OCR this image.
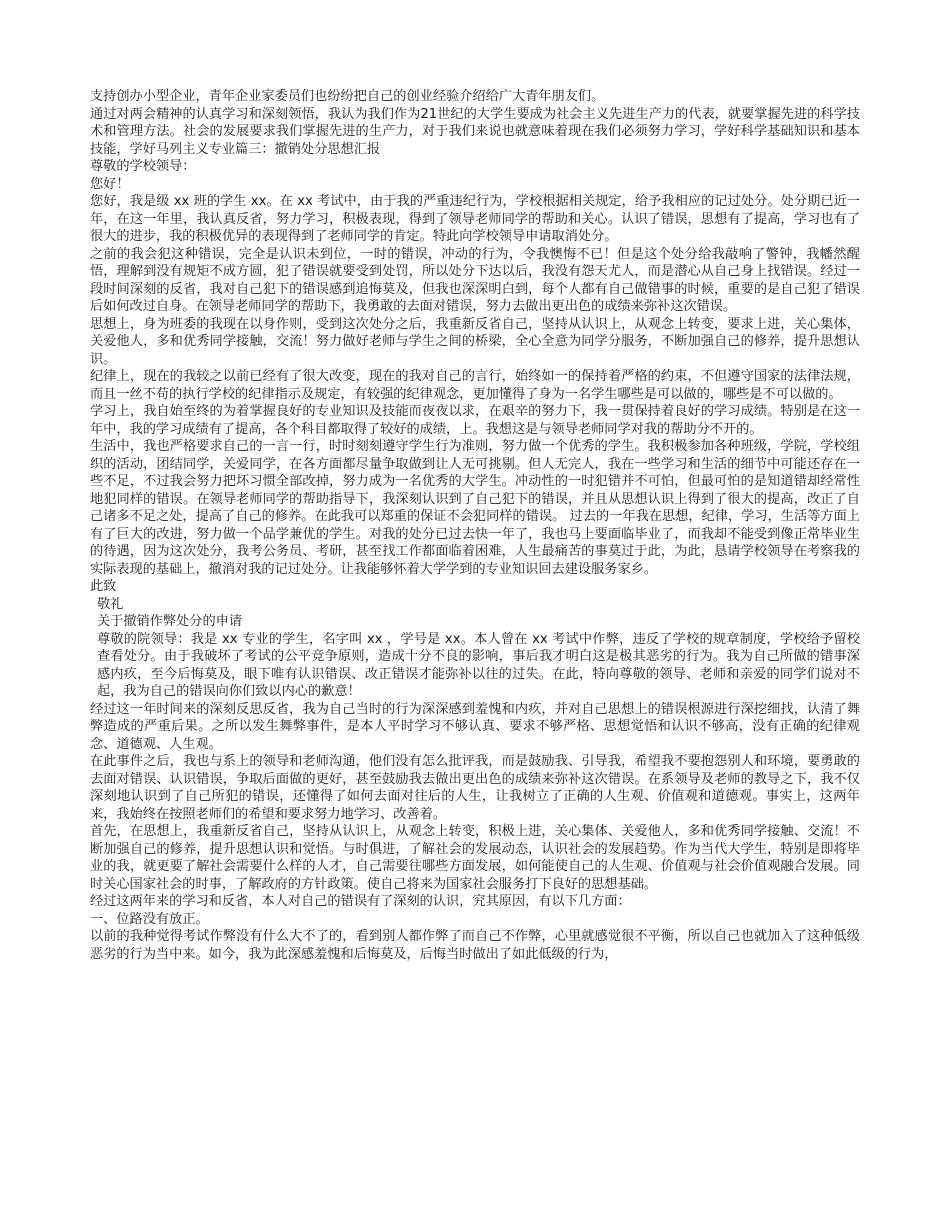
支持创办小型企业，青年企业家委员们也纷纷把自己的创业经验介绍给广大青年朋友们。

通过对两会精神的认真学习和深刻领悟，我认为我们作为21世纪的大学生要成为社会主义先进生产力的代表，就要掌握先进的科学技术和管理方法。社会的发展要求我们掌握先进的生产力，对于我们来说也就意味着现在我们必须努力学习，学好科学基础知识和基本技能，学好马列主义专业篇三：撤销处分思想汇报

尊敬的学校领导：

您好！

您好，我是级 xx 班的学生 xx。在 xx 考试中，由于我的严重违纪行为，学校根据相关规定，给予我相应的记过处分。处分期已近一年，在这一年里，我认真反省，努力学习，积极表现，得到了领导老师同学的帮助和关心。认识了错误，思想有了提高，学习也有了很大的进步，我的积极优异的表现得到了老师同学的肯定。特此向学校领导申请取消处分。

之前的我会犯这种错误，完全是认识未到位，一时的错误，冲动的行为，令我懊悔不已！但是这个处分给我敲响了警钟，我幡然醒悟，理解到没有规矩不成方圆，犯了错误就要受到处罚，所以处分下达以后，我没有怨天尤人，而是潜心从自己身上找错误。经过一段时间深刻的反省，我对自己犯下的错误感到追悔莫及，但我也深深明白到，每个人都有自己做错事的时候，重要的是自己犯了错误后如何改过自身。在领导老师同学的帮助下，我勇敢的去面对错误，努力去做出更出色的成绩来弥补这次错误。

思想上，身为班委的我现在以身作则，受到这次处分之后，我重新反省自己，坚持从认识上，从观念上转变，要求上进，关心集体，关爱他人，多和优秀同学接触，交流！努力做好老师与学生之间的桥梁，全心全意为同学分服务，不断加强自己的修养，提升思想认识。

纪律上，现在的我较之以前已经有了很大改变，现在的我对自己的言行，始终如一的保持着严格的约束，不但遵守国家的法律法规，而且一丝不苟的执行学校的纪律指示及规定，有较强的纪律观念，更加懂得了身为一名学生哪些是可以做的，哪些是不可以做的。

学习上，我自始至终的为着掌握良好的专业知识及技能而夜夜以求，在艰辛的努力下，我一贯保持着良好的学习成绩。特别是在这一年中，我的学习成绩有了提高，各个科目都取得了较好的成绩，上。我想这是与领导老师同学对我的帮助分不开的。

生活中，我也严格要求自己的一言一行，时时刻刻遵守学生行为准则，努力做一个优秀的学生。我积极参加各种班级，学院，学校组织的活动，团结同学，关爱同学，在各方面都尽量争取做到让人无可挑剔。但人无完人，我在一些学习和生活的细节中可能还存在一些不足，不过我会努力把坏习惯全部改掉，努力成为一名优秀的大学生。冲动性的一时犯错并不可怕，但最可怕的是知道错却经常性地犯同样的错误。在领导老师同学的帮助指导下，我深刻认识到了自己犯下的错误，并且从思想认识上得到了很大的提高，改正了自己诸多不足之处，提高了自己的修养。在此我可以郑重的保证不会犯同样的错误。 过去的一年我在思想，纪律，学习，生活等方面上有了巨大的改进，努力做一个品学兼优的学生。对我的处分已过去快一年了，我也马上要面临毕业了，而我却不能受到像正常毕业生的待遇，因为这次处分，我考公务员、考研，甚至找工作都面临着困难，人生最痛苦的事莫过于此，为此，恳请学校领导在考察我的实际表现的基础上，撤消对我的记过处分。让我能够怀着大学学到的专业知识回去建设服务家乡。

此致

敬礼

关于撤销作弊处分的申请

尊敬的院领导：我是 xx 专业的学生，名字叫 xx ，学号是 xx。本人曾在 xx 考试中作弊，违反了学校的规章制度，学校给予留校查看处分。由于我破坏了考试的公平竞争原则，造成十分不良的影响，事后我才明白这是极其恶劣的行为。我为自己所做的错事深感内疚，至今后悔莫及，眼下唯有认识错误、改正错误才能弥补以往的过失。在此，特向尊敬的领导、老师和亲爱的同学们说对不起，我为自己的错误向你们致以内心的歉意！

经过这一年时间来的深刻反思反省，我为自己当时的行为深深感到羞愧和内疚，并对自己思想上的错误根源进行深挖细找，认清了舞弊造成的严重后果。之所以发生舞弊事件，是本人平时学习不够认真、要求不够严格、思想觉悟和认识不够高，没有正确的纪律观念、道德观、人生观。

在此事件之后，我也与系上的领导和老师沟通，他们没有怎么批评我，而是鼓励我、引导我，希望我不要抱怨别人和环境，要勇敢的去面对错误、认识错误，争取后面做的更好，甚至鼓励我去做出更出色的成绩来弥补这次错误。在系领导及老师的教导之下，我不仅深刻地认识到了自己所犯的错误，还懂得了如何去面对往后的人生，让我树立了正确的人生观、价值观和道德观。事实上，这两年来，我始终在按照老师们的希望和要求努力地学习、改善着。

首先，在思想上，我重新反省自己，坚持从认识上，从观念上转变，积极上进，关心集体、关爱他人，多和优秀同学接触、交流！不断加强自己的修养，提升思想认识和觉悟。与时俱进，了解社会的发展动态，认识社会的发展趋势。作为当代大学生，特别是即将毕业的我，就更要了解社会需要什么样的人才，自己需要往哪些方面发展，如何能使自己的人生观、价值观与社会价值观融合发展。同时关心国家社会的时事，了解政府的方针政策。使自己将来为国家社会服务打下良好的思想基础。

经过这两年来的学习和反省，本人对自己的错误有了深刻的认识，究其原因，有以下几方面：

一、位路没有放正。

以前的我种觉得考试作弊没有什么大不了的，看到别人都作弊了而自己不作弊，心里就感觉很不平衡，所以自己也就加入了这种低级恶劣的行为当中来。如今，我为此深感羞愧和后悔莫及，后悔当时做出了如此低级的行为，
